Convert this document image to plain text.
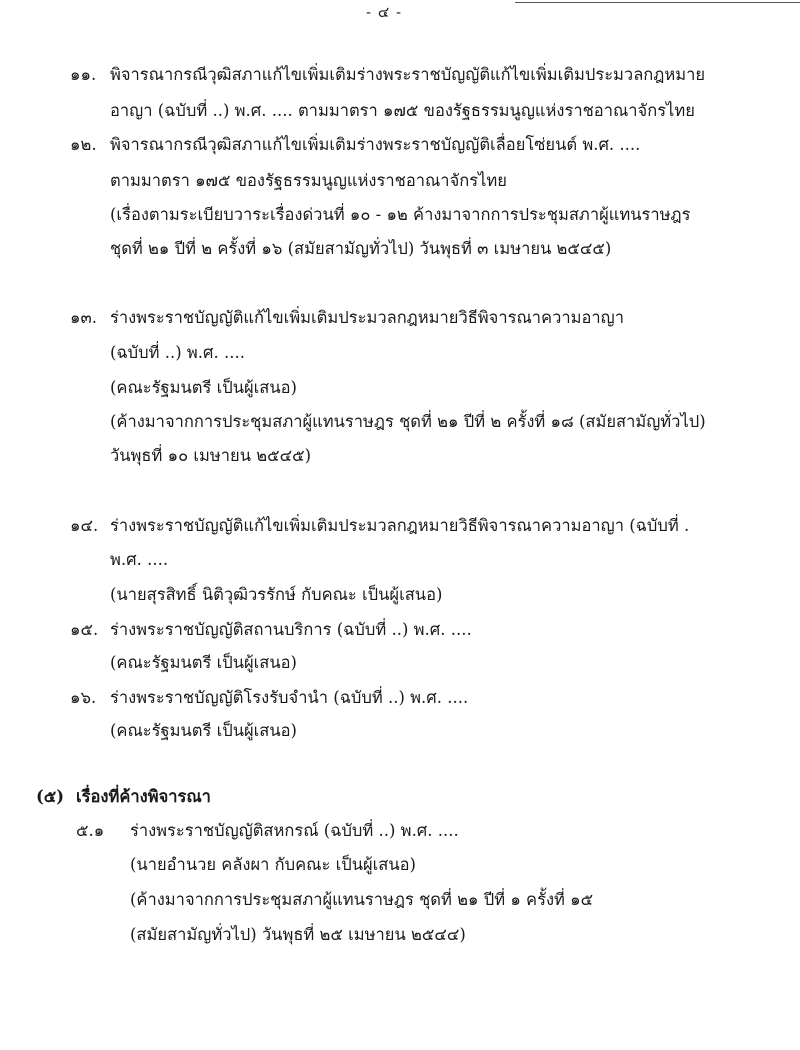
- ๔ -
๑๑. พิจารณากรณีวุฒิสภาแก้ไขเพิ่มเติมร่างพระราชบัญญัติแก้ไขเพิ่มเติมประมวลกฎหมาย
อาญา (ฉบับที่ ..) พ.ศ. .... ตามมาตรา ๑๗๕ ของรัฐธรรมนูญแห่งราชอาณาจักรไทย
๑๒. พิจารณากรณีวุฒิสภาแก้ไขเพิ่มเติมร่างพระราชบัญญัติเลื่อยโซ่ยนต์ พ.ศ. ....
ตามมาตรา ๑๗๕ ของรัฐธรรมนูญแห่งราชอาณาจักรไทย
(เรื่องตามระเบียบวาระเรื่องด่วนที่ ๑๐ - ๑๒ ค้างมาจากการประชุมสภาผู้แทนราษฎร
ชุดที่ ๒๑ ปีที่ ๒ ครั้งที่ ๑๖ (สมัยสามัญทั่วไป) วันพุธที่ ๓ เมษายน ๒๕๔๕)
๑๓. ร่างพระราชบัญญัติแก้ไขเพิ่มเติมประมวลกฎหมายวิธีพิจารณาความอาญา
(ฉบับที่ ..) พ.ศ. ....
(คณะรัฐมนตรี เป็นผู้เสนอ)
(ค้างมาจากการประชุมสภาผู้แทนราษฎร ชุดที่ ๒๑ ปีที่ ๒ ครั้งที่ ๑๘ (สมัยสามัญทั่วไป)
วันพุธที่ ๑๐ เมษายน ๒๕๔๕)
๑๔. ร่างพระราชบัญญัติแก้ไขเพิ่มเติมประมวลกฎหมายวิธีพิจารณาความอาญา (ฉบับที่ .
พ.ศ. ....
(นายสุรสิทธิ์ นิติวุฒิวรรักษ์ กับคณะ เป็นผู้เสนอ)
๑๕. ร่างพระราชบัญญัติสถานบริการ (ฉบับที่ ..) พ.ศ. ....
(คณะรัฐมนตรี เป็นผู้เสนอ)
๑๖. ร่างพระราชบัญญัติโรงรับจำนำ (ฉบับที่ ..) พ.ศ. ....
(คณะรัฐมนตรี เป็นผู้เสนอ)
(๕) เรื่องที่ค้างพิจารณา
๕.๑ ร่างพระราชบัญญัติสหกรณ์ (ฉบับที่ ..) พ.ศ. ....
(นายอำนวย คลังผา กับคณะ เป็นผู้เสนอ)
(ค้างมาจากการประชุมสภาผู้แทนราษฎร ชุดที่ ๒๑ ปีที่ ๑ ครั้งที่ ๑๕
(สมัยสามัญทั่วไป) วันพุธที่ ๒๕ เมษายน ๒๕๔๔)
